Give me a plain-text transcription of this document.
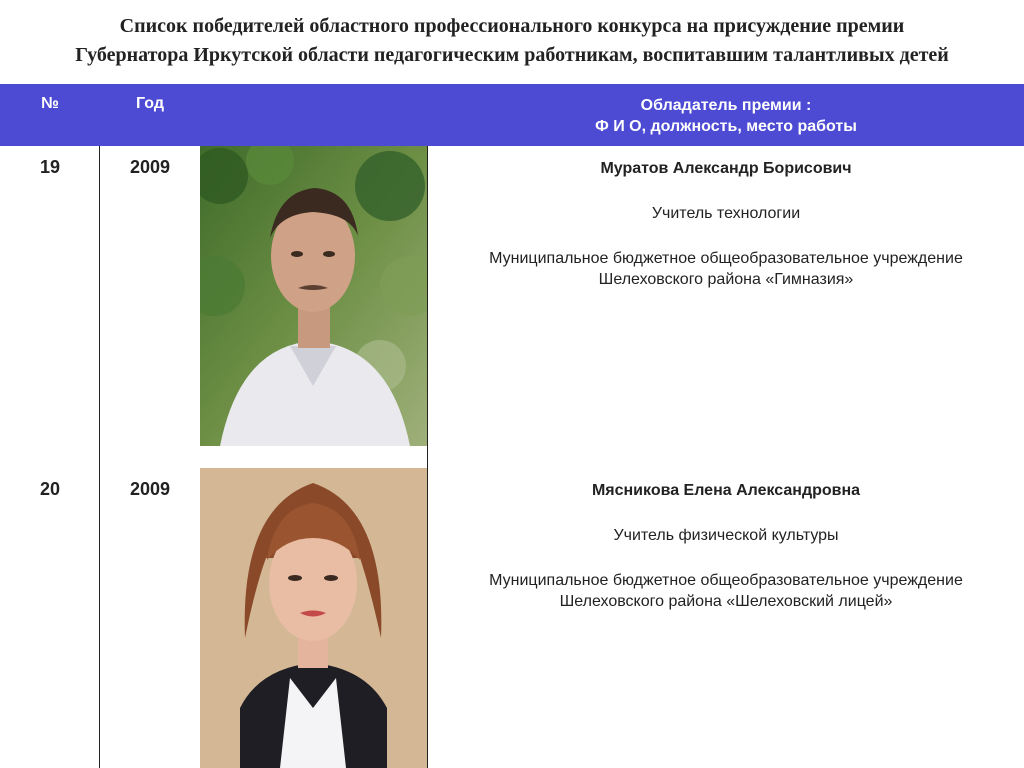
Список победителей областного профессионального конкурса на присуждение премии
Губернатора Иркутской области педагогическим работникам, воспитавшим талантливых детей
№	Год	Обладатель премии :
Ф И О, должность, место работы
19	2009	Муратов Александр Борисович
Учитель технологии
Муниципальное бюджетное общеобразовательное учреждение
Шелеховского района «Гимназия»
20	2009	Мясникова Елена Александровна
Учитель физической культуры
Муниципальное бюджетное общеобразовательное учреждение
Шелеховского района «Шелеховский лицей»
